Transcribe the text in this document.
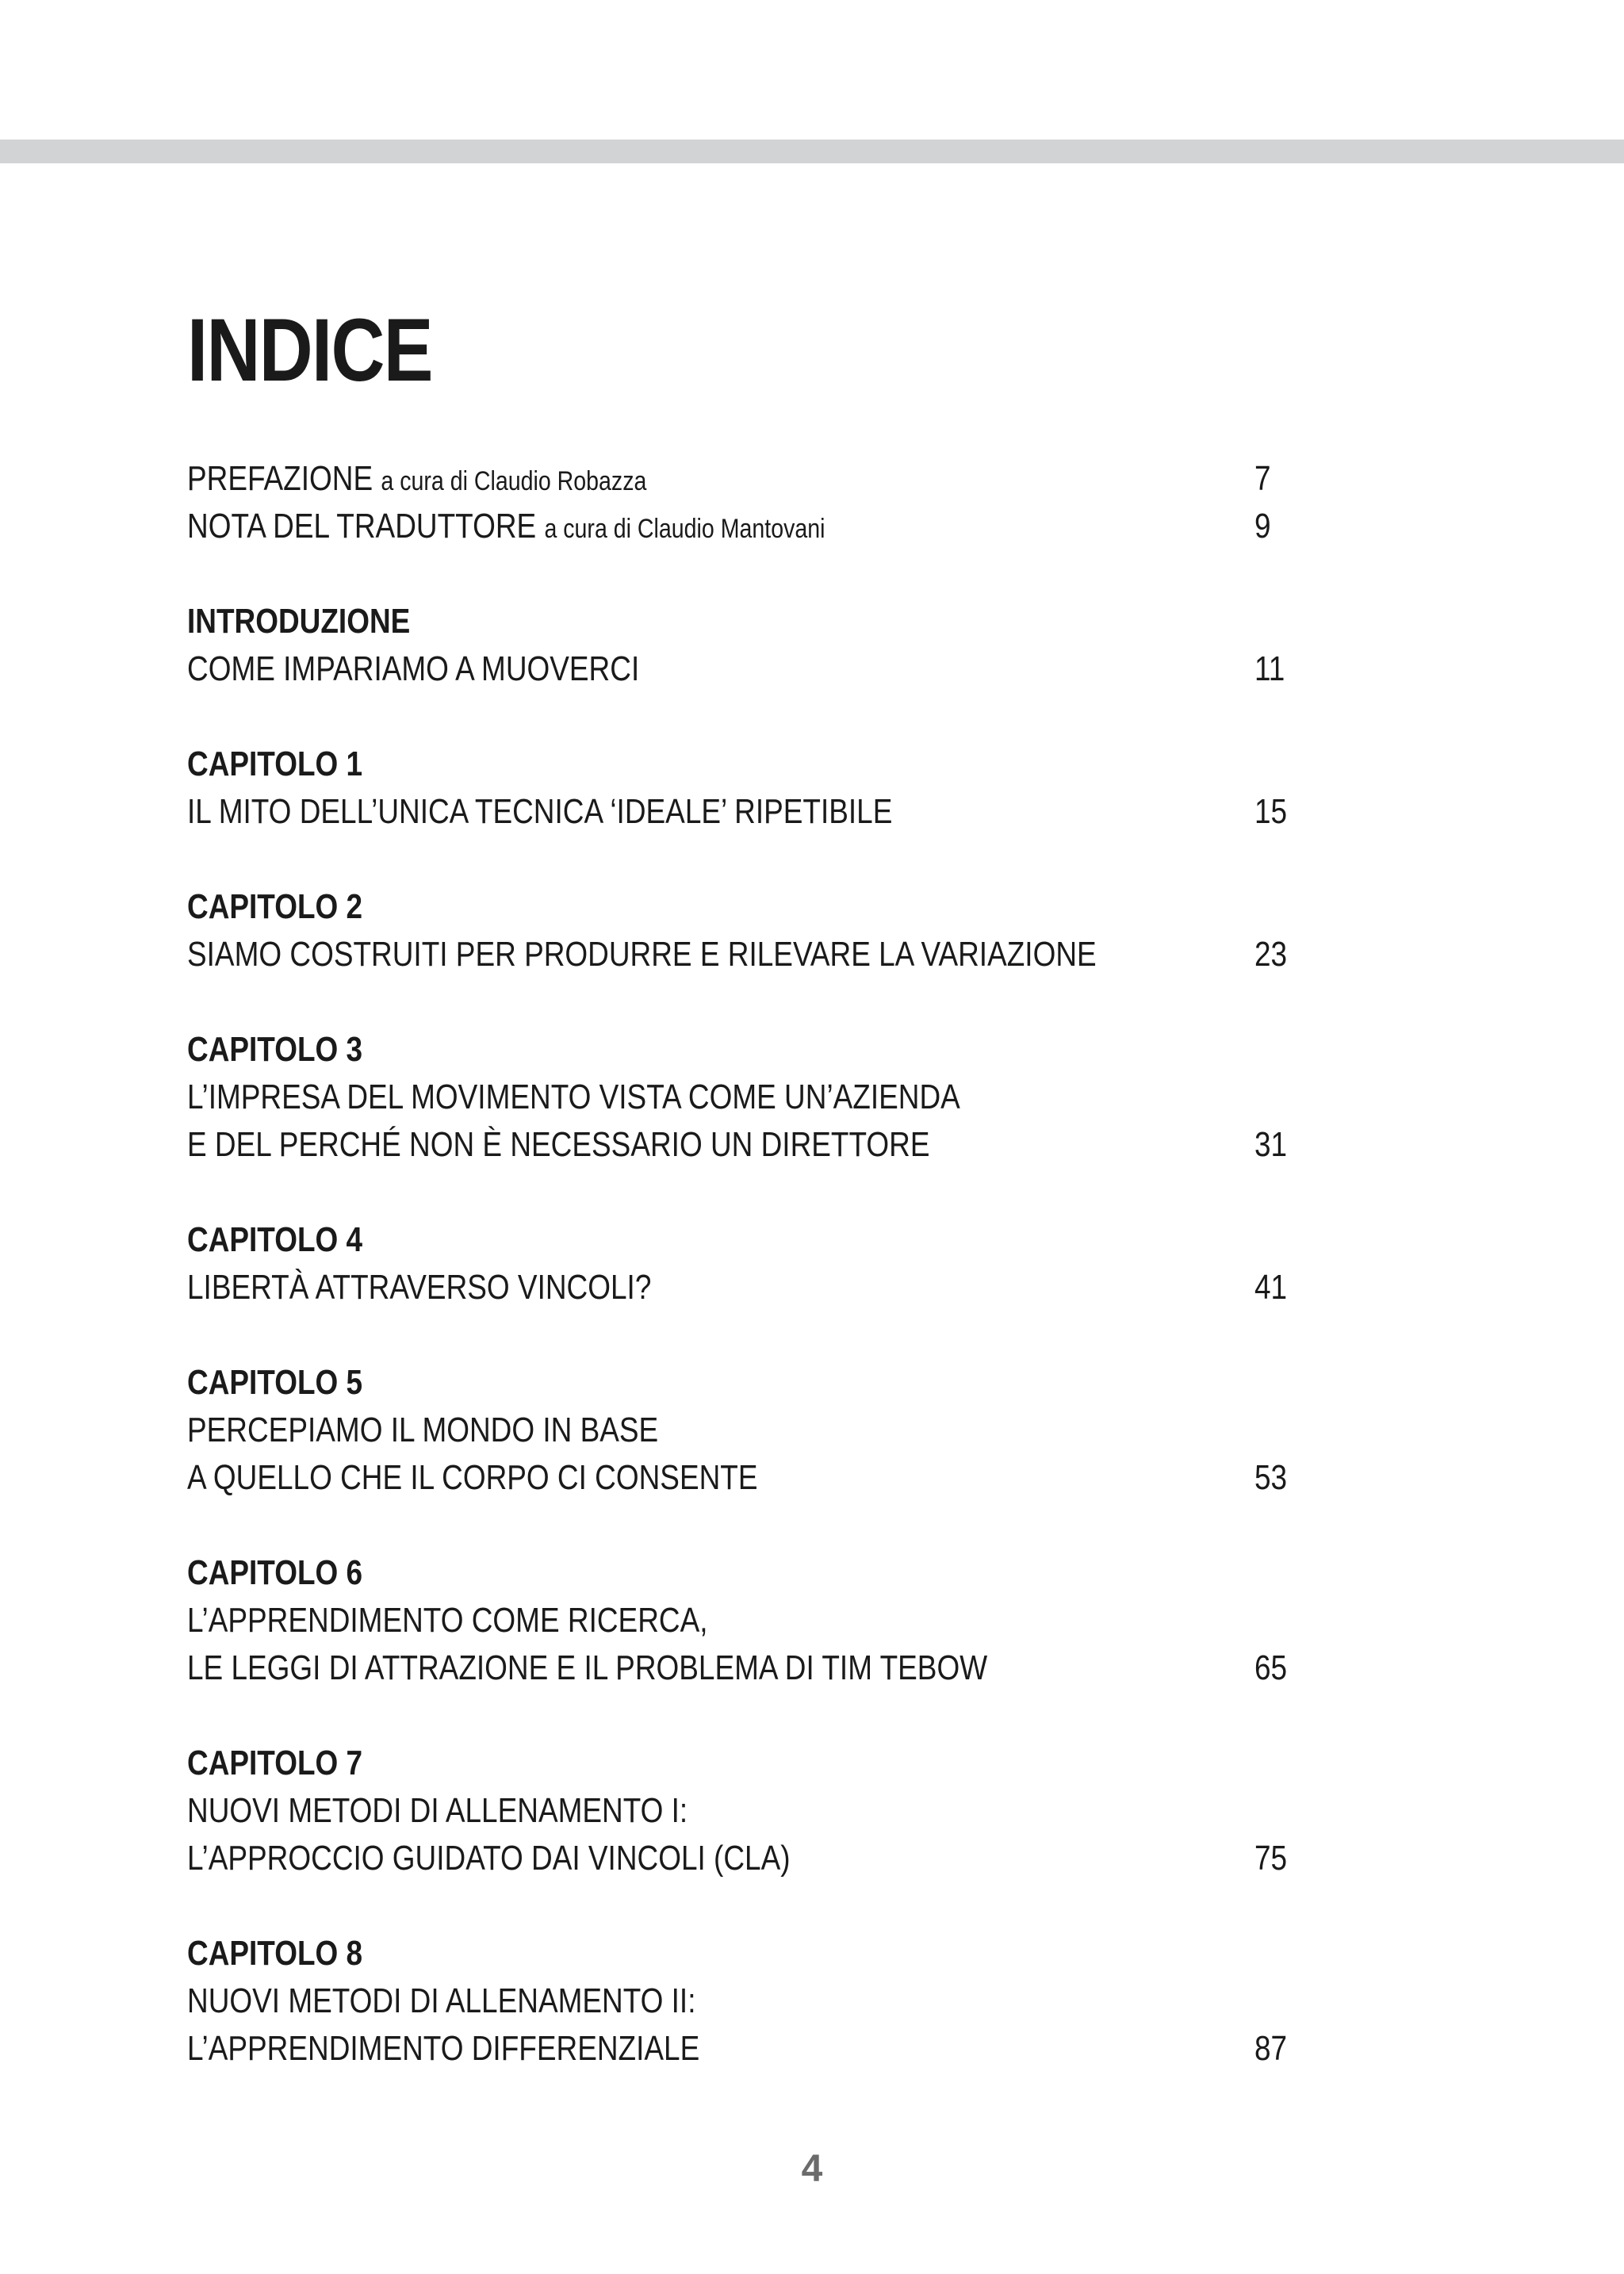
INDICE
PREFAZIONE a cura di Claudio Robazza	7
NOTA DEL TRADUTTORE a cura di Claudio Mantovani	9
INTRODUZIONE
COME IMPARIAMO A MUOVERCI	11
CAPITOLO 1
IL MITO DELL’UNICA TECNICA ‘IDEALE’ RIPETIBILE	15
CAPITOLO 2
SIAMO COSTRUITI PER PRODURRE E RILEVARE LA VARIAZIONE	23
CAPITOLO 3
L’IMPRESA DEL MOVIMENTO VISTA COME UN’AZIENDA
E DEL PERCHÉ NON È NECESSARIO UN DIRETTORE	31
CAPITOLO 4
LIBERTÀ ATTRAVERSO VINCOLI?	41
CAPITOLO 5
PERCEPIAMO IL MONDO IN BASE
A QUELLO CHE IL CORPO CI CONSENTE	53
CAPITOLO 6
L’APPRENDIMENTO COME RICERCA,
LE LEGGI DI ATTRAZIONE E IL PROBLEMA DI TIM TEBOW	65
CAPITOLO 7
NUOVI METODI DI ALLENAMENTO I:
L’APPROCCIO GUIDATO DAI VINCOLI (CLA)	75
CAPITOLO 8
NUOVI METODI DI ALLENAMENTO II:
L’APPRENDIMENTO DIFFERENZIALE	87
4
